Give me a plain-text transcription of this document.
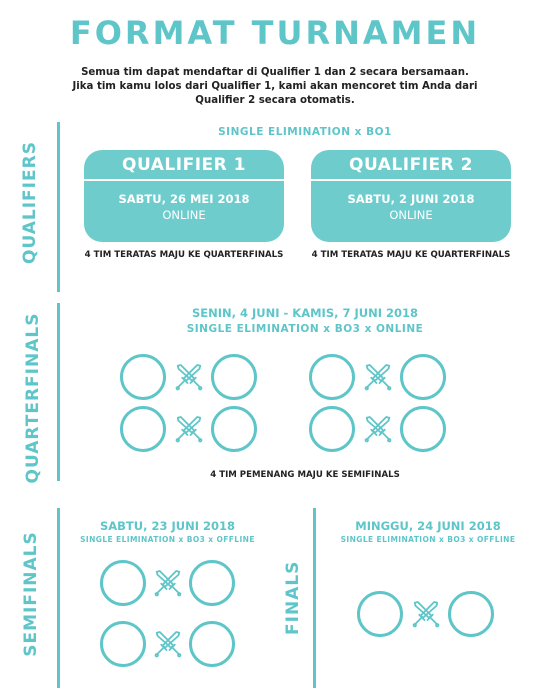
FORMAT TURNAMEN
Semua tim dapat mendaftar di Qualifier 1 dan 2 secara bersamaan.
Jika tim kamu lolos dari Qualifier 1, kami akan mencoret tim Anda dari
Qualifier 2 secara otomatis.
QUALIFIERS
SINGLE ELIMINATION x BO1
QUALIFIER 1
SABTU, 26 MEI 2018
ONLINE
QUALIFIER 2
SABTU, 2 JUNI 2018
ONLINE
4 TIM TERATAS MAJU KE QUARTERFINALS	4 TIM TERATAS MAJU KE QUARTERFINALS
QUARTERFINALS	SENIN, 4 JUNI - KAMIS, 7 JUNI 2018
SINGLE ELIMINATION x BO3 x ONLINE
4 TIM PEMENANG MAJU KE SEMIFINALS
SEMIFINALS
SABTU, 23 JUNI 2018
SINGLE ELIMINATION x BO3 x OFFLINE
FINALS
MINGGU, 24 JUNI 2018
SINGLE ELIMINATION x BO3 x OFFLINE
